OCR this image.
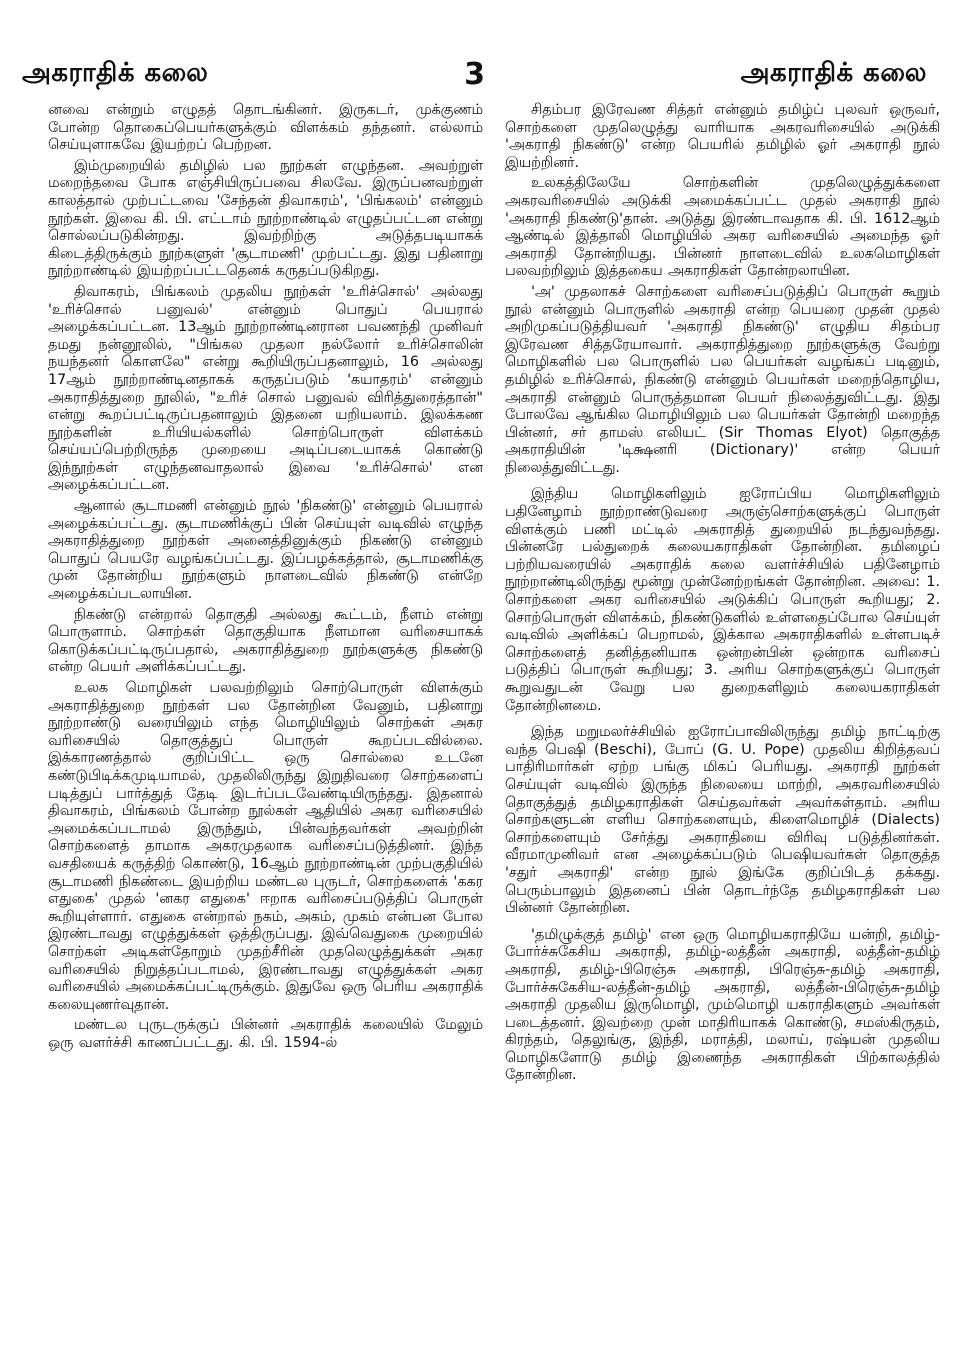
அகராதிக் கலை	3	அகராதிக் கலை

னவை என்றும் எழுதத் தொடங்கினர். இருகடர், முக்குணம் போன்ற தொகைப்பெயர்களுக்கும் விளக்கம் தந்தனர். எல்லாம் செய்யுளாகவே இயற்றப் பெற்றன.

இம்முறையில் தமிழில் பல நூற்கள் எழுந்தன. அவற்றுள் மறைந்தவை போக எஞ்சியிருப்பவை சிலவே. இருப்பனவற்றுள் காலத்தால் முற்பட்டவை 'சேந்தன் திவாகரம்', 'பிங்கலம்' என்னும் நூற்கள். இவை கி. பி. எட்டாம் நூற்றாண்டில் எழுதப்பட்டன என்று சொல்லப்படுகின்றது. இவற்றிற்கு அடுத்தபடியாகக் கிடைத்திருக்கும் நூற்களுள் 'சூடாமணி' முற்பட்டது. இது பதினாறு நூற்றாண்டில் இயற்றப்பட்டதெனக் கருதப்படுகிறது.

திவாகரம், பிங்கலம் முதலிய நூற்கள் 'உரிச்சொல்' அல்லது 'உரிச்சொல் பனுவல்' என்னும் பொதுப் பெயரால் அழைக்கப்பட்டன. 13ஆம் நூற்றாண்டினரான பவணந்தி முனிவர் தமது நன்னூலில், "பிங்கல முதலா நல்லோர் உரிச்சொலின் நயந்தனர் கொளலே" என்று கூறியிருப்பதனாலும், 16 அல்லது 17ஆம் நூற்றாண்டினதாகக் கருதப்படும் 'கயாதரம்' என்னும் அகராதித்துறை நூலில், "உரிச் சொல் பனுவல் விரித்துரைத்தான்" என்று கூறப்பட்டிருப்பதனாலும் இதனை யறியலாம். இலக்கண நூற்களின் உரியியல்களில் சொற்பொருள் விளக்கம் செய்யப்பெற்றிருந்த முறையை அடிப்படையாகக் கொண்டு இந்நூற்கள் எழுந்தனவாதலால் இவை 'உரிச்சொல்' என அழைக்கப்பட்டன.

ஆனால் சூடாமணி என்னும் நூல் 'நிகண்டு' என்னும் பெயரால் அழைக்கப்பட்டது. சூடாமணிக்குப் பின் செய்யுள் வடிவில் எழுந்த அகராதித்துறை நூற்கள் அனைத்தினுக்கும் நிகண்டு என்னும் பொதுப் பெயரே வழங்கப்பட்டது. இப்பழக்கத்தால், சூடாமணிக்கு முன் தோன்றிய நூற்களும் நாளடைவில் நிகண்டு என்றே அழைக்கப்படலாயின.

நிகண்டு என்றால் தொகுதி அல்லது கூட்டம், நீளம் என்று பொருளாம். சொற்கள் தொகுதியாக நீளமான வரிசையாகக் கொடுக்கப்பட்டிருப்பதால், அகராதித்துறை நூற்களுக்கு நிகண்டு என்ற பெயர் அளிக்கப்பட்டது.

உலக மொழிகள் பலவற்றிலும் சொற்பொருள் விளக்கும் அகராதித்துறை நூற்கள் பல தோன்றின வேனும், பதினாறு நூற்றாண்டு வரையிலும் எந்த மொழியிலும் சொற்கள் அகர வரிசையில் தொகுத்துப் பொருள் கூறப்படவில்லை. இக்காரணத்தால் குறிப்பிட்ட ஒரு சொல்லை உடனே கண்டுபிடிக்கமுடியாமல், முதலிலிருந்து இறுதிவரை சொற்களைப் படித்துப் பார்த்துத் தேடி இடர்ப்படவேண்டியிருந்தது. இதனால் திவாகரம், பிங்கலம் போன்ற நூல்கள் ஆதியில் அகர வரிசையில் அமைக்கப்படாமல் இருந்தும், பின்வந்தவர்கள் அவற்றின் சொற்களைத் தாமாக அகரமுதலாக வரிசைப்படுத்தினர். இந்த வசதியைக் கருத்திற் கொண்டு, 16ஆம் நூற்றாண்டின் முற்பகுதியில் சூடாமணி நிகண்டை இயற்றிய மண்டல புருடர், சொற்களைக் 'ககர எதுகை' முதல் 'னகர எதுகை' ஈறாக வரிசைப்படுத்திப் பொருள் கூறியுள்ளார். எதுகை என்றால் நகம், அகம், முகம் என்பன போல இரண்டாவது எழுத்துக்கள் ஒத்திருப்பது. இவ்வெதுகை முறையில் சொற்கள் அடிகள்தோறும் முதற்சீரின் முதலெழுத்துக்கள் அகர வரிசையில் நிறுத்தப்படாமல், இரண்டாவது எழுத்துக்கள் அகர வரிசையில் அமைக்கப்பட்டிருக்கும். இதுவே ஒரு பெரிய அகராதிக் கலையுணர்வுதான்.

மண்டல புருடருக்குப் பின்னர் அகராதிக் கலையில் மேலும் ஒரு வளர்ச்சி காணப்பட்டது. கி. பி. 1594-ல்

சிதம்பர இரேவண சித்தர் என்னும் தமிழ்ப் புலவர் ஒருவர், சொற்களை முதலெழுத்து வாரியாக அகரவரிசையில் அடுக்கி 'அகராதி நிகண்டு' என்ற பெயரில் தமிழில் ஓர் அகராதி நூல் இயற்றினர்.

உலகத்திலேயே சொற்களின் முதலெழுத்துக்களை அகரவரிசையில் அடுக்கி அமைக்கப்பட்ட முதல் அகராதி நூல் 'அகராதி நிகண்டு'தான். அடுத்து இரண்டாவதாக கி. பி. 1612ஆம் ஆண்டில் இத்தாலி மொழியில் அகர வரிசையில் அமைந்த ஓர் அகராதி தோன்றியது. பின்னர் நாளடைவில் உலகமொழிகள் பலவற்றிலும் இத்தகைய அகராதிகள் தோன்றலாயின.

'அ' முதலாகச் சொற்களை வரிசைப்படுத்திப் பொருள் கூறும் நூல் என்னும் பொருளில் அகராதி என்ற பெயரை முதன் முதல் அறிமுகப்படுத்தியவர் 'அகராதி நிகண்டு' எழுதிய சிதம்பர இரேவண சித்தரேயாவார். அகராதித்துறை நூற்களுக்கு வேற்று மொழிகளில் பல பொருளில் பல பெயர்கள் வழங்கப் படினும், தமிழில் உரிச்சொல், நிகண்டு என்னும் பெயர்கள் மறைந்தொழிய, அகராதி என்னும் பொருத்தமான பெயர் நிலைத்துவிட்டது. இது போலவே ஆங்கில மொழியிலும் பல பெயர்கள் தோன்றி மறைந்த பின்னர், சர் தாமஸ் எலியட் (Sir Thomas Elyot) தொகுத்த அகராதியின் 'டிக்ஷனரி (Dictionary)' என்ற பெயர் நிலைத்துவிட்டது.

இந்திய மொழிகளிலும் ஐரோப்பிய மொழிகளிலும் பதினேழாம் நூற்றாண்டுவரை அருஞ்சொற்களுக்குப் பொருள் விளக்கும் பணி மட்டில் அகராதித் துறையில் நடந்துவந்தது. பின்னரே பல்துறைக் கலையகராதிகள் தோன்றின. தமிழைப் பற்றியவரையில் அகராதிக் கலை வளர்ச்சியில் பதினேழாம் நூற்றாண்டிலிருந்து மூன்று முன்னேற்றங்கள் தோன்றின. அவை: 1. சொற்களை அகர வரிசையில் அடுக்கிப் பொருள் கூறியது; 2. சொற்பொருள் விளக்கம், நிகண்டுகளில் உள்ளதைப்போல செய்யுள் வடிவில் அளிக்கப் பெறாமல், இக்கால அகராதிகளில் உள்ளபடிச் சொற்களைத் தனித்தனியாக ஒன்றன்பின் ஒன்றாக வரிசைப் படுத்திப் பொருள் கூறியது; 3. அரிய சொற்களுக்குப் பொருள் கூறுவதுடன் வேறு பல துறைகளிலும் கலையகராதிகள் தோன்றினமை.

இந்த மறுமலர்ச்சியில் ஐரோப்பாவிலிருந்து தமிழ் நாட்டிற்கு வந்த பெஷி (Beschi), போப் (G. U. Pope) முதலிய கிறித்தவப் பாதிரிமார்கள் ஏற்ற பங்கு மிகப் பெரியது. அகராதி நூற்கள் செய்யுள் வடிவில் இருந்த நிலையை மாற்றி, அகரவரிசையில் தொகுத்துத் தமிழகராதிகள் செய்தவர்கள் அவர்கள்தாம். அரிய சொற்களுடன் எளிய சொற்களையும், கிளைமொழிச் (Dialects) சொற்களையும் சேர்த்து அகராதியை விரிவு படுத்தினர்கள். வீரமாமுனிவர் என அழைக்கப்படும் பெஷியவர்கள் தொகுத்த 'சதுர் அகராதி' என்ற நூல் இங்கே குறிப்பிடத் தக்கது. பெரும்பாலும் இதனைப் பின் தொடர்ந்தே தமிழகராதிகள் பல பின்னர் தோன்றின.

'தமிழுக்குத் தமிழ்' என ஒரு மொழியகராதியே யன்றி, தமிழ்-போர்ச்சுகேசிய அகராதி, தமிழ்-லத்தீன் அகராதி, லத்தீன்-தமிழ் அகராதி, தமிழ்-பிரெஞ்சு அகராதி, பிரெஞ்சு-தமிழ் அகராதி, போர்ச்சுகேசிய-லத்தீன்-தமிழ் அகராதி, லத்தீன்-பிரெஞ்சு-தமிழ் அகராதி முதலிய இருமொழி, மும்மொழி யகராதிகளும் அவர்கள் படைத்தனர். இவற்றை முன் மாதிரியாகக் கொண்டு, சமஸ்கிருதம், கிரந்தம், தெலுங்கு, இந்தி, மராத்தி, மலாய், ரஷ்யன் முதலிய மொழிகளோடு தமிழ் இணைந்த அகராதிகள் பிற்காலத்தில் தோன்றின.
